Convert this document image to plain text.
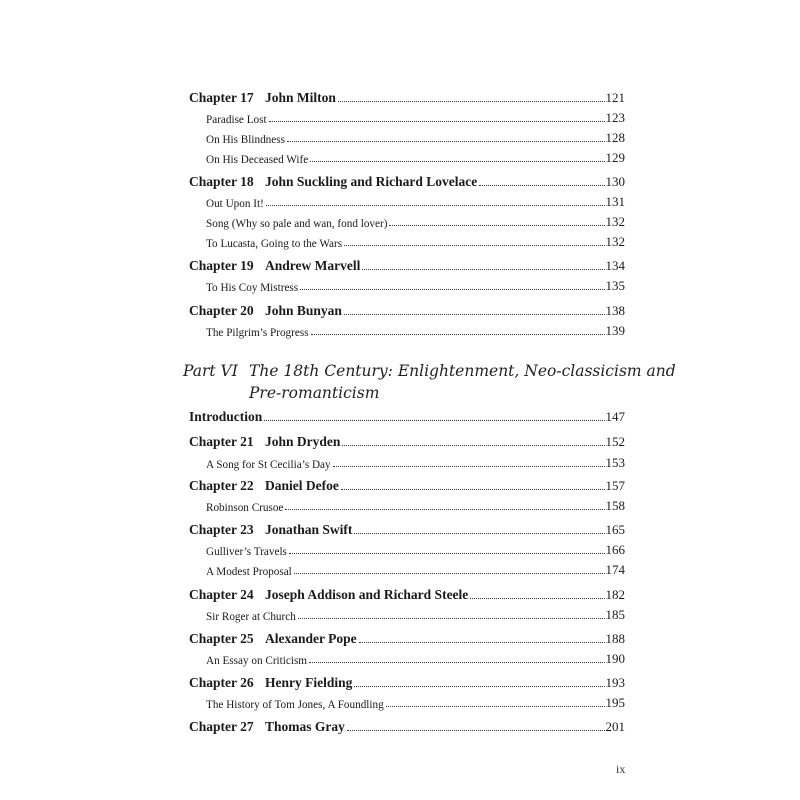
Chapter 17 John Milton	121
Paradise Lost	123
On His Blindness	128
On His Deceased Wife	129
Chapter 18 John Suckling and Richard Lovelace	130
Out Upon It!	131
Song (Why so pale and wan, fond lover)	132
To Lucasta, Going to the Wars	132
Chapter 19 Andrew Marvell	134
To His Coy Mistress	135
Chapter 20 John Bunyan	138
The Pilgrim’s Progress	139
Part VI The 18th Century: Enlightenment, Neo-classicism and
Pre-romanticism
Introduction	147
Chapter 21 John Dryden	152
A Song for St Cecilia’s Day	153
Chapter 22 Daniel Defoe	157
Robinson Crusoe	158
Chapter 23 Jonathan Swift	165
Gulliver’s Travels	166
A Modest Proposal	174
Chapter 24 Joseph Addison and Richard Steele	182
Sir Roger at Church	185
Chapter 25 Alexander Pope	188
An Essay on Criticism	190
Chapter 26 Henry Fielding	193
The History of Tom Jones, A Foundling	195
Chapter 27 Thomas Gray	201
ix
